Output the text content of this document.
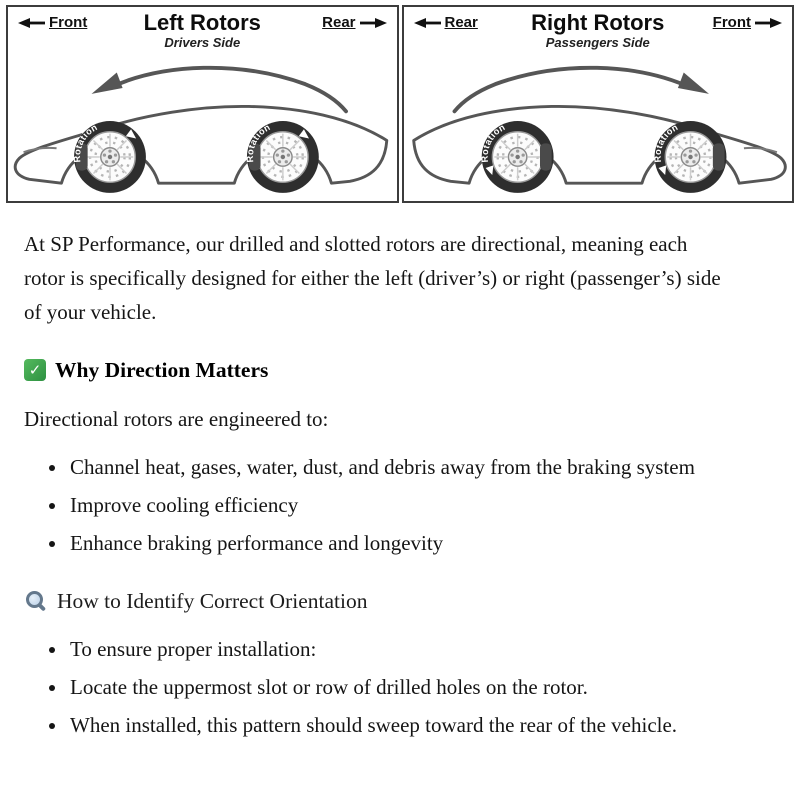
Front	Left Rotors
Drivers Side
Rear
Rotation
Rotation
Rear	Right Rotors
Passengers Side
Front
Rotation
Rotation

At SP Performance, our drilled and slotted rotors are directional, meaning each rotor is specifically designed for either the left (driver’s) or right (passenger’s) side of your vehicle.

✓
Why Direction Matters

Directional rotors are engineered to:

• Channel heat, gases, water, dust, and debris away from the braking system
• Improve cooling efficiency
• Enhance braking performance and longevity
How to Identify Correct Orientation
• To ensure proper installation:
• Locate the uppermost slot or row of drilled holes on the rotor.
• When installed, this pattern should sweep toward the rear of the vehicle.
